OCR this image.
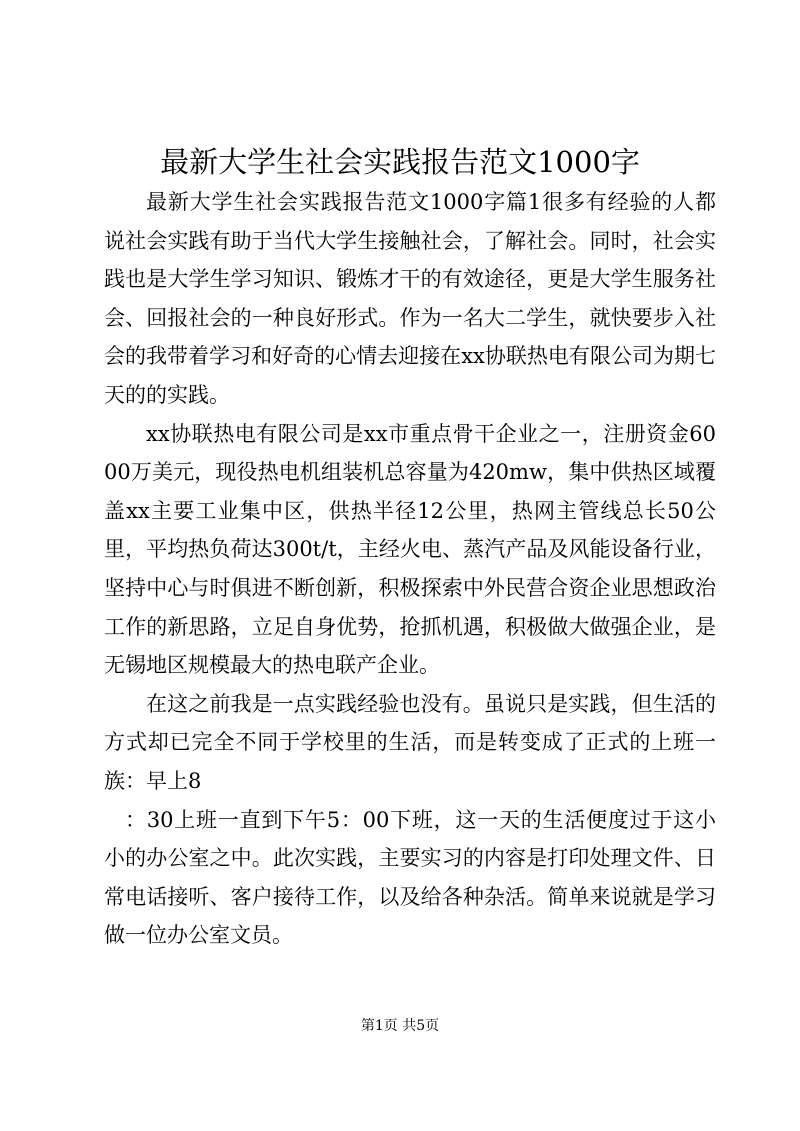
最新大学生社会实践报告范文1000字

最新大学生社会实践报告范文1000字篇1很多有经验的人都说社会实践有助于当代大学生接触社会，了解社会。同时，社会实践也是大学生学习知识、锻炼才干的有效途径，更是大学生服务社会、回报社会的一种良好形式。作为一名大二学生，就快要步入社会的我带着学习和好奇的心情去迎接在xx协联热电有限公司为期七天的的实践。

xx协联热电有限公司是xx市重点骨干企业之一，注册资金6000万美元，现役热电机组装机总容量为420mw，集中供热区域覆盖xx主要工业集中区，供热半径12公里，热网主管线总长50公里，平均热负荷达300t/t，主经火电、蒸汽产品及风能设备行业，坚持中心与时俱进不断创新，积极探索中外民营合资企业思想政治工作的新思路，立足自身优势，抢抓机遇，积极做大做强企业，是无锡地区规模最大的热电联产企业。

在这之前我是一点实践经验也没有。虽说只是实践，但生活的方式却已完全不同于学校里的生活，而是转变成了正式的上班一族：早上8

：30上班一直到下午5：00下班，这一天的生活便度过于这小小的办公室之中。此次实践，主要实习的内容是打印处理文件、日常电话接听、客户接待工作，以及给各种杂活。简单来说就是学习做一位办公室文员。

第1页 共5页
